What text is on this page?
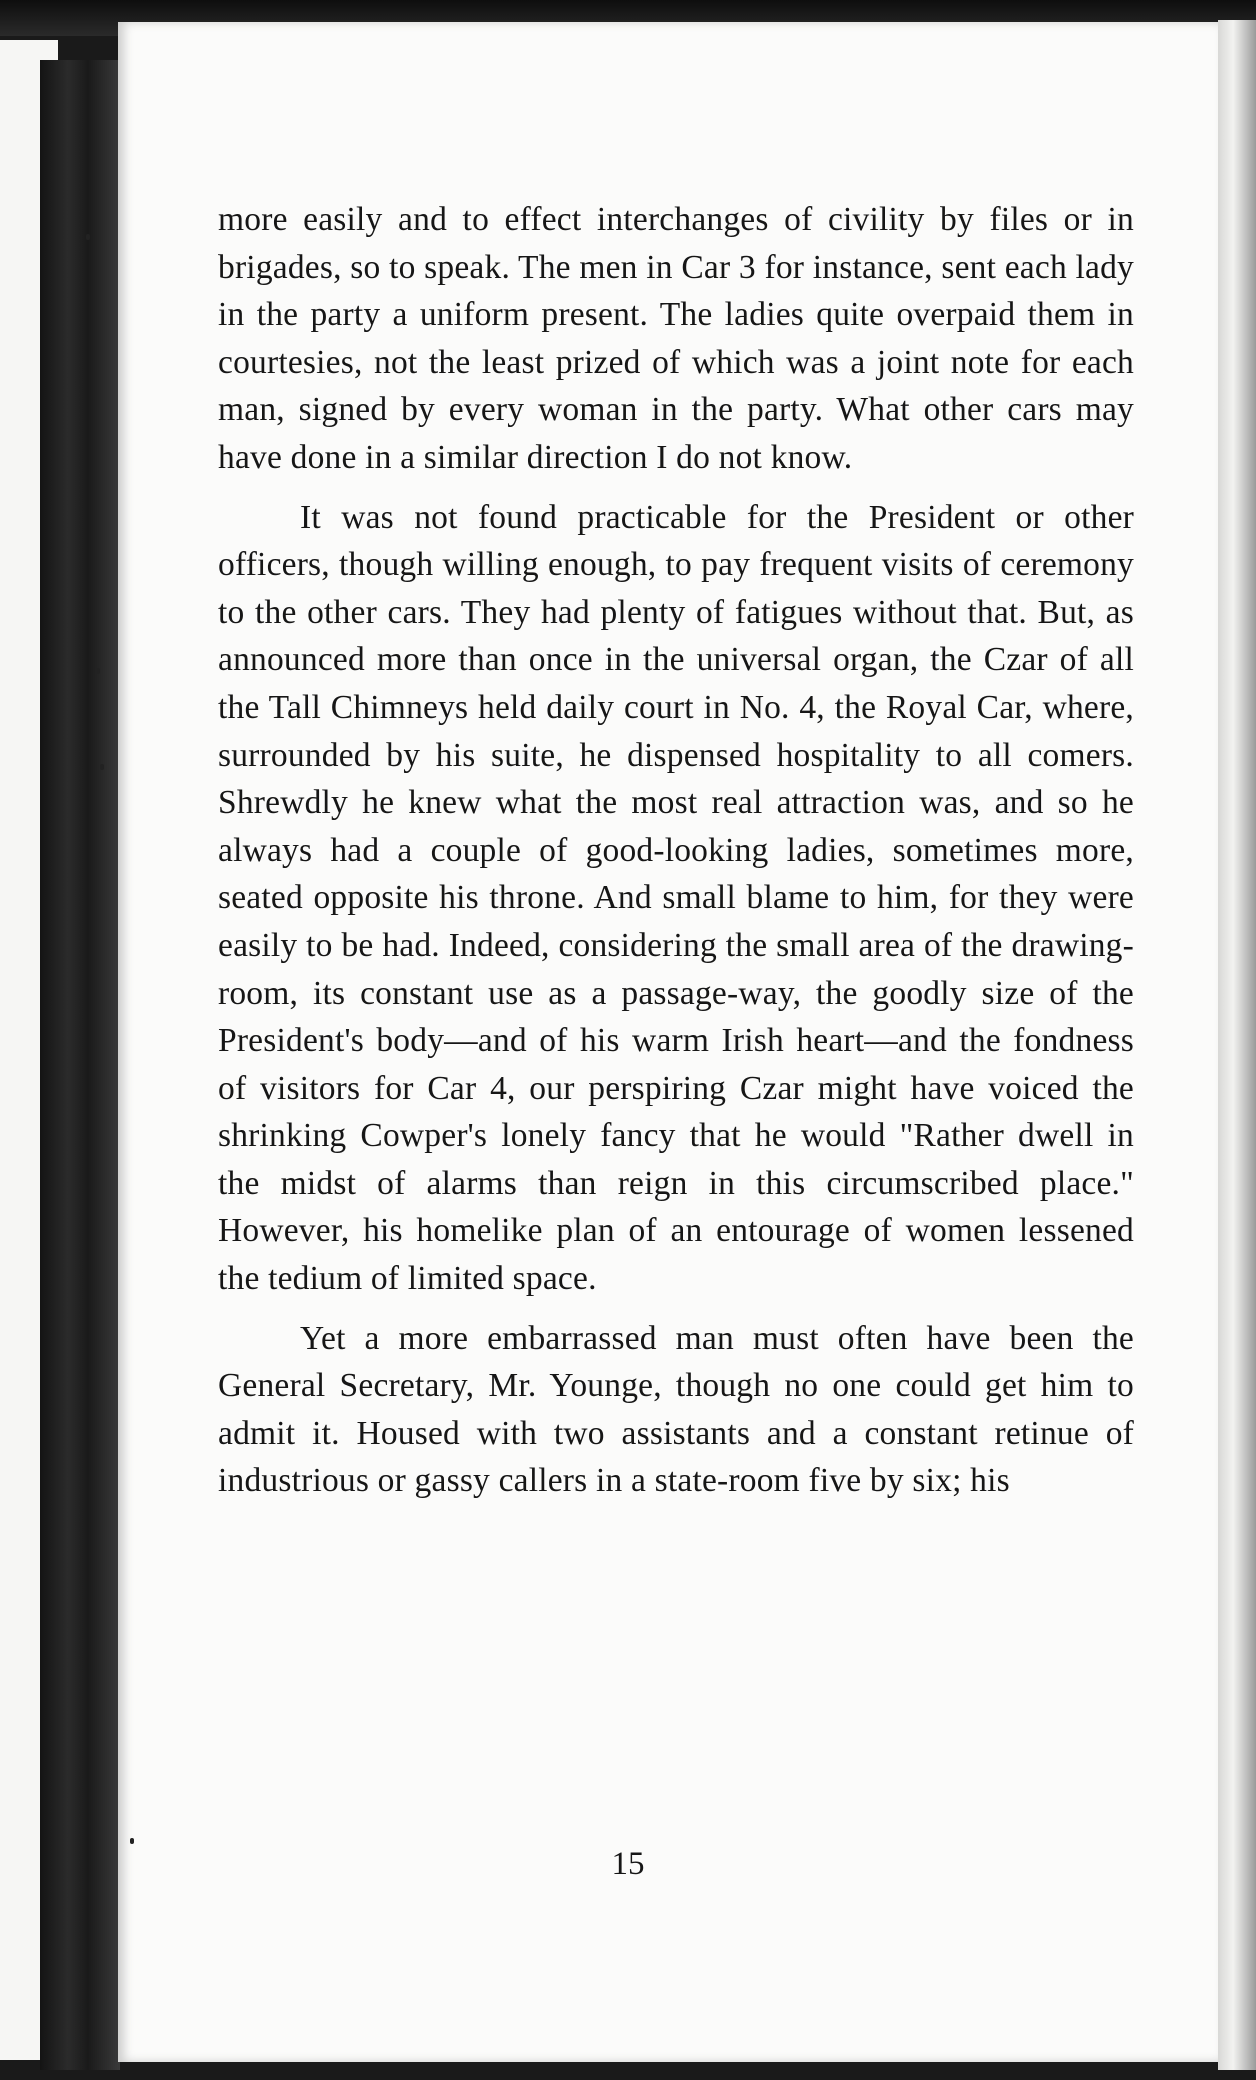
more easily and to effect interchanges of civility by files or in brigades, so to speak. The men in Car 3 for instance, sent each lady in the party a uniform present. The ladies quite overpaid them in courtesies, not the least prized of which was a joint note for each man, signed by every woman in the party. What other cars may have done in a similar direction I do not know.

It was not found practicable for the President or other officers, though willing enough, to pay frequent visits of ceremony to the other cars. They had plenty of fatigues without that. But, as announced more than once in the universal organ, the Czar of all the Tall Chimneys held daily court in No. 4, the Royal Car, where, surrounded by his suite, he dispensed hospitality to all comers. Shrewdly he knew what the most real attraction was, and so he always had a couple of good-looking ladies, sometimes more, seated opposite his throne. And small blame to him, for they were easily to be had. Indeed, considering the small area of the drawing-room, its constant use as a passage-way, the goodly size of the President's body—and of his warm Irish heart—and the fondness of visitors for Car 4, our perspiring Czar might have voiced the shrinking Cowper's lonely fancy that he would "Rather dwell in the midst of alarms than reign in this circumscribed place." However, his homelike plan of an entourage of women lessened the tedium of limited space.

Yet a more embarrassed man must often have been the General Secretary, Mr. Younge, though no one could get him to admit it. Housed with two assistants and a constant retinue of industrious or gassy callers in a state-room five by six; his

15
